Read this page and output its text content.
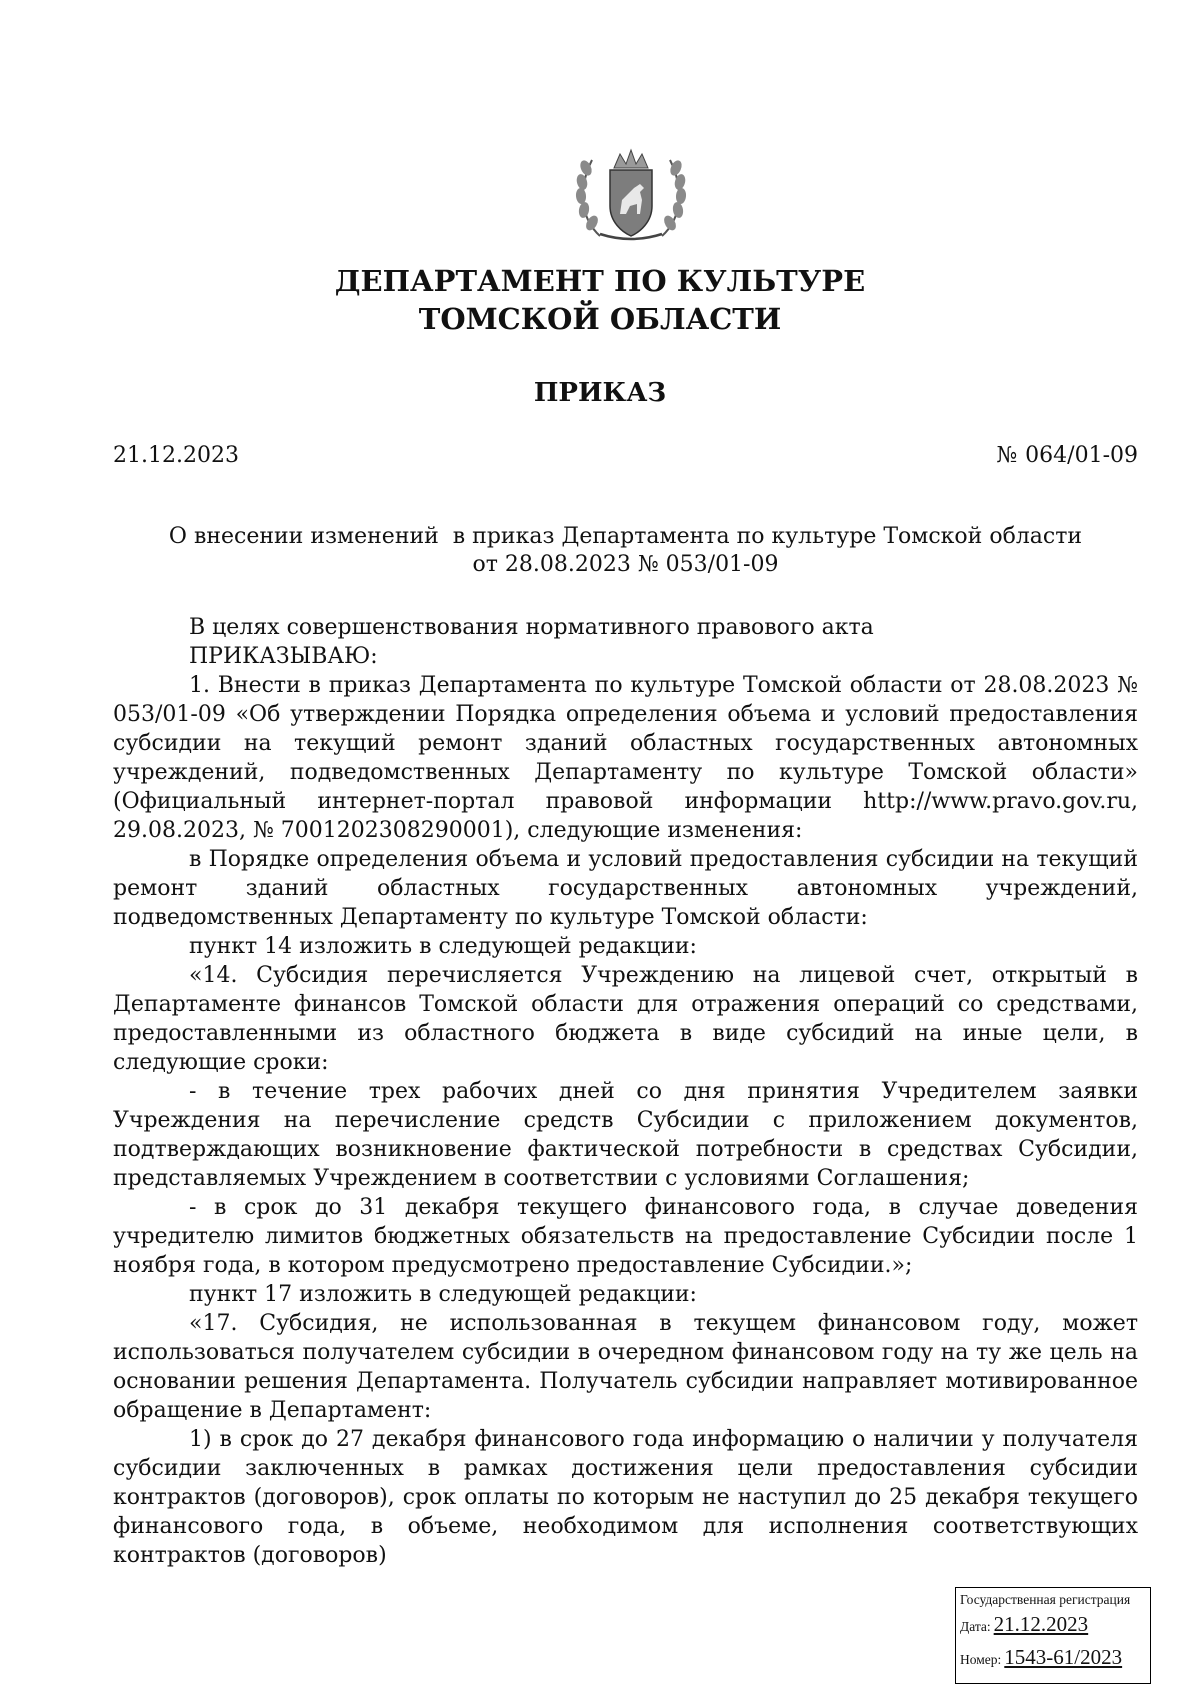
ДЕПАРТАМЕНТ ПО КУЛЬТУРЕ
ТОМСКОЙ ОБЛАСТИ
ПРИКАЗ
21.12.2023	№ 064/01-09
О внесении изменений  в приказ Департамента по культуре Томской области
от 28.08.2023 № 053/01-09

В целях совершенствования нормативного правового акта

ПРИКАЗЫВАЮ:

1. Внести в приказ Департамента по культуре Томской области от 28.08.2023 № 053/01-09 «Об утверждении Порядка определения объема и условий предоставления субсидии на текущий ремонт зданий областных государственных автономных учреждений, подведомственных Департаменту по культуре Томской области» (Официальный интернет-портал правовой информации http://www.pravo.gov.ru, 29.08.2023, № 7001202308290001), следующие изменения:

в Порядке определения объема и условий предоставления субсидии на текущий ремонт зданий областных государственных автономных учреждений, подведомственных Департаменту по культуре Томской области:

пункт 14 изложить в следующей редакции:

«14. Субсидия перечисляется Учреждению на лицевой счет, открытый в Департаменте финансов Томской области для отражения операций со средствами, предоставленными из областного бюджета в виде субсидий на иные цели, в следующие сроки:

- в течение трех рабочих дней со дня принятия Учредителем заявки Учреждения на перечисление средств Субсидии с приложением документов, подтверждающих возникновение фактической потребности в средствах Субсидии, представляемых Учреждением в соответствии с условиями Соглашения;

- в срок до 31 декабря текущего финансового года, в случае доведения учредителю лимитов бюджетных обязательств на предоставление Субсидии после 1 ноября года, в котором предусмотрено предоставление Субсидии.»;

пункт 17 изложить в следующей редакции:

«17. Субсидия, не использованная в текущем финансовом году, может использоваться получателем субсидии в очередном финансовом году на ту же цель на основании решения Департамента. Получатель субсидии направляет мотивированное обращение в Департамент:

1) в срок до 27 декабря финансового года информацию о наличии у получателя субсидии заключенных в рамках достижения цели предоставления субсидии контрактов (договоров), срок оплаты по которым не наступил до 25 декабря текущего финансового года, в объеме, необходимом для исполнения соответствующих контрактов (договоров)

Государственная регистрация
Дата: 21.12.2023
Номер: 1543-61/2023
